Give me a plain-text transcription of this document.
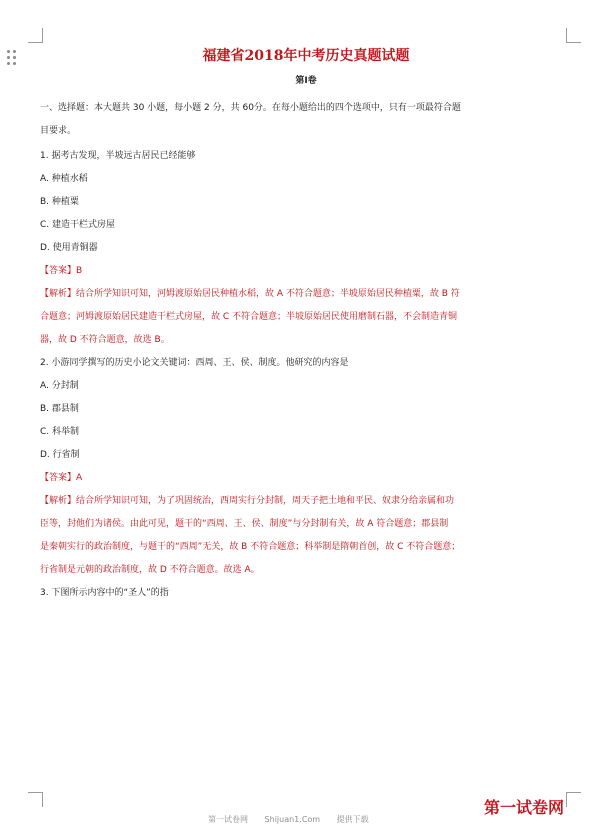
福建省2018年中考历史真题试题
第Ⅰ卷

一、选择题：本大题共 30 小题，每小题 2 分，共 60分。在每小题给出的四个选项中，只有一项最符合题

目要求。

1. 据考古发现，半坡远古居民已经能够

A. 种植水稻

B. 种植粟

C. 建造干栏式房屋

D. 使用青铜器

【答案】B

【解析】结合所学知识可知，河姆渡原始居民种植水稻，故 A 不符合题意；半坡原始居民种植粟，故 B 符

合题意；河姆渡原始居民建造干栏式房屋，故 C 不符合题意；半坡原始居民使用磨制石器，不会制造青铜

器，故 D 不符合题意，故选 B。

2. 小游同学撰写的历史小论文关键词：西周、王、侯、制度。他研究的内容是

A. 分封制

B. 郡县制

C. 科举制

D. 行省制

【答案】A

【解析】结合所学知识可知，为了巩固统治，西周实行分封制，周天子把土地和平民、奴隶分给亲属和功

臣等，封他们为诸侯。由此可见，题干的“西周、王、侯、制度”与分封制有关，故 A 符合题意；郡县制

是秦朝实行的政治制度，与题干的“西周”无关，故 B 不符合题意；科举制是隋朝首创，故 C 不符合题意；

行省制是元朝的政治制度，故 D 不符合题意。故选 A。

3. 下图所示内容中的“圣人”的指

第一试卷网 Shijuan1.Com 提供下载
第一试卷网
